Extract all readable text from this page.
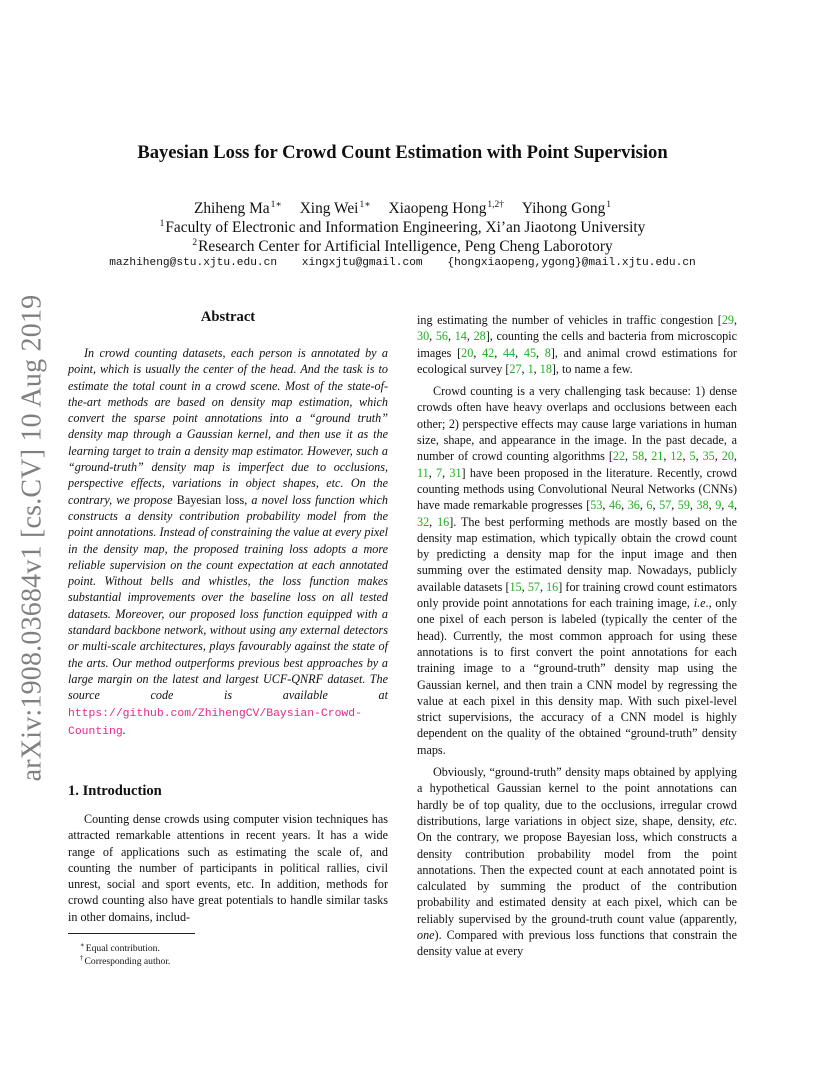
arXiv:1908.03684v1 [cs.CV] 10 Aug 2019
Bayesian Loss for Crowd Count Estimation with Point Supervision
Zhiheng $Ma^{1∗}$ Xing Wei$^{1∗}$ Xiaopeng Hong$^{1,2\dagger}$ Yihong Gong$^1$
$^1$Faculty of Electronic and Information Engineering, Xi’an Jiaotong University
$^2$Research Center for Artificial Intelligence, Peng Cheng Laborotory
mazhiheng@stu.xjtu.edu.cn xingxjtu@gmail.com {hongxiaopeng,ygong}@mail.xjtu.edu.cn
Abstract
In crowd counting datasets, each person is annotated by a point, which is usually the center of the head. And the task is to estimate the total count in a crowd scene. Most of the state-of-the-art methods are based on density map estimation, which convert the sparse point annotations into a “ground truth” density map through a Gaussian kernel, and then use it as the learning target to train a density map estimator. However, such a “ground-truth” density map is imperfect due to occlusions, perspective effects, variations in object shapes, etc. On the contrary, we propose Bayesian loss, a novel loss function which constructs a density contribution probability model from the point annotations. Instead of constraining the value at every pixel in the density map, the proposed training loss adopts a more reliable supervision on the count expectation at each annotated point. Without bells and whistles, the loss function makes substantial improvements over the baseline loss on all tested datasets. Moreover, our proposed loss function equipped with a standard backbone network, without using any external detectors or multi-scale architectures, plays favourably against the state of the arts. Our method outperforms previous best approaches by a large margin on the latest and largest UCF-QNRF dataset. The source code is available at https://github.com/ZhihengCV/Baysian-Crowd-Counting.
1. Introduction
Counting dense crowds using computer vision techniques has attracted remarkable attentions in recent years. It has a wide range of applications such as estimating the scale of, and counting the number of participants in political rallies, civil unrest, social and sport events, etc. In addition, methods for crowd counting also have great potentials to handle similar tasks in other domains, includ-
∗Equal contribution.
†Corresponding author.

ing estimating the number of vehicles in traffic congestion [29, 30, 56, 14, 28], counting the cells and bacteria from microscopic images [20, 42, 44, 45, 8], and animal crowd estimations for ecological survey [27, 1, 18], to name a few.

Crowd counting is a very challenging task because: 1) dense crowds often have heavy overlaps and occlusions between each other; 2) perspective effects may cause large variations in human size, shape, and appearance in the image. In the past decade, a number of crowd counting algorithms [22, 58, 21, 12, 5, 35, 20, 11, 7, 31] have been proposed in the literature. Recently, crowd counting methods using Convolutional Neural Networks (CNNs) have made remarkable progresses [53, 46, 36, 6, 57, 59, 38, 9, 4, 32, 16]. The best performing methods are mostly based on the density map estimation, which typically obtain the crowd count by predicting a density map for the input image and then summing over the estimated density map. Nowadays, publicly available datasets [15, 57, 16] for training crowd count estimators only provide point annotations for each training image, i.e., only one pixel of each person is labeled (typically the center of the head). Currently, the most common approach for using these annotations is to first convert the point annotations for each training image to a “ground-truth” density map using the Gaussian kernel, and then train a CNN model by regressing the value at each pixel in this density map. With such pixel-level strict supervisions, the accuracy of a CNN model is highly dependent on the quality of the obtained “ground-truth” density maps.

Obviously, “ground-truth” density maps obtained by applying a hypothetical Gaussian kernel to the point annotations can hardly be of top quality, due to the occlusions, irregular crowd distributions, large variations in object size, shape, density, etc. On the contrary, we propose Bayesian loss, which constructs a density contribution probability model from the point annotations. Then the expected count at each annotated point is calculated by summing the product of the contribution probability and estimated density at each pixel, which can be reliably supervised by the ground-truth count value (apparently, one). Compared with previous loss functions that constrain the density value at every
